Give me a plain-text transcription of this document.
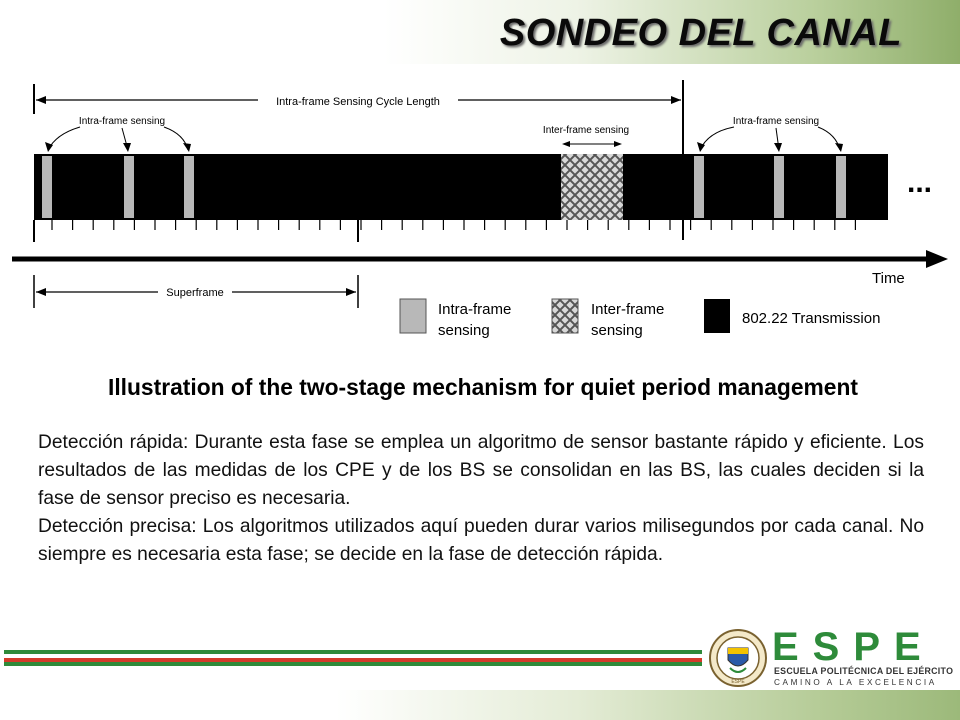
SONDEO DEL CANAL
Intra-frame Sensing Cycle Length
Intra-frame sensing
Inter-frame sensing
Intra-frame sensing
...
Time
Superframe
Intra-frame
sensing
Inter-frame
sensing
802.22 Transmission
Illustration of the two-stage mechanism for quiet period management

Detección rápida: Durante esta fase se emplea un algoritmo de sensor bastante rápido y eficiente. Los resultados de las medidas de los CPE y de los BS se consolidan en las BS, las cuales deciden si la fase de sensor preciso es necesaria.

Detección precisa: Los algoritmos utilizados aquí pueden durar varios milisegundos por cada canal. No siempre es necesaria esta fase; se decide en la fase de detección rápida.

ESPE
ESPE
ESCUELA POLITÉCNICA DEL EJÉRCITO
CAMINO A LA EXCELENCIA
